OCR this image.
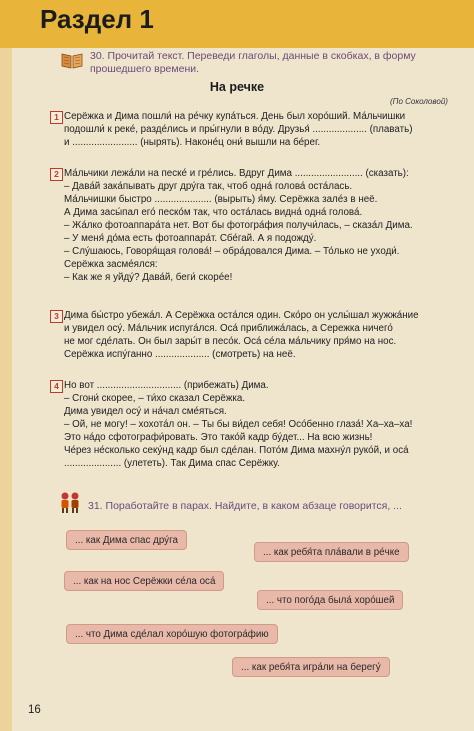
Раздел 1
30. Прочитай текст. Переведи глаголы, данные в скобках, в форму
прошедшего времени.
На речке
(По Соколовой)
1 Серёжка и Дима пошли́ на ре́чку купа́ться. День был хоро́ший. Ма́льчишки

подошли́ к реке́, разде́лись и пры́гнули в во́ду. Друзья́ .................... (плавать)

и ........................ (нырять). Наконе́ц они́ вышли на бе́рег.

2 Ма́льчики лежа́ли на песке́ и гре́лись. Вдруг Дима ......................... (сказать):

– Дава́й зака́пывать друг дру́га так, чтоб одна́ голова́ оста́лась.

Ма́льчишки быстро ..................... (вырыть) я́му. Серёжка зале́з в неё.

А Дима засы́пал его́ песко́м так, что оста́лась видна́ одна́ голова́.

– Жа́лко фотоаппара́та нет. Вот бы фотогра́фия получи́лась, – сказа́л Дима.

– У меня́ до́ма есть фотоаппара́т. Сбе́гай. А я подожду́.

– Слу́шаюсь, Говоря́щая голова́! – обра́довался Дима. – То́лько не уходи́.

Серёжка засме́ялся:

– Как же я уйду́? Дава́й, беги́ скоре́е!

3 Дима бы́стро убежа́л. А Серёжка оста́лся один. Ско́ро он услы́шал жужжа́ние

и увидел осу́. Ма́льчик испуга́лся. Оса́ приближа́лась, а Сережка ничего́

не мог сде́лать. Он был зары́т в песо́к. Оса́ се́ла ма́льчику пря́мо на нос.

Серёжка испу́ганно .................... (смотреть) на неё.

4 Но вот ............................... (прибежать) Дима.

– Сгони́ скорее, – ти́хо сказал Серёжка.

Дима увидел осу́ и на́чал сме́яться.

– Ой, не могу! – хохота́л он. – Ты бы ви́дел себя! Осо́бенно глаза́! Ха–ха–ха!

Это на́до сфотографи́ровать. Это тако́й кадр бу́дет... На всю жизнь!

Че́рез не́сколько секу́нд кадр был сде́лан. Пото́м Дима махну́л руко́й, и оса́

..................... (улететь). Так Дима спас Серёжку.

31. Поработайте в парах. Найдите, в каком абзаце говорится, ...
... как Дима спас дру́га
... как ребя́та пла́вали в ре́чке
... как на нос Серёжки се́ла оса́
... что пого́да была́ хоро́шей
... что Дима сде́лал хоро́шую фотогра́фию
... как ребя́та игра́ли на берегу́
16
